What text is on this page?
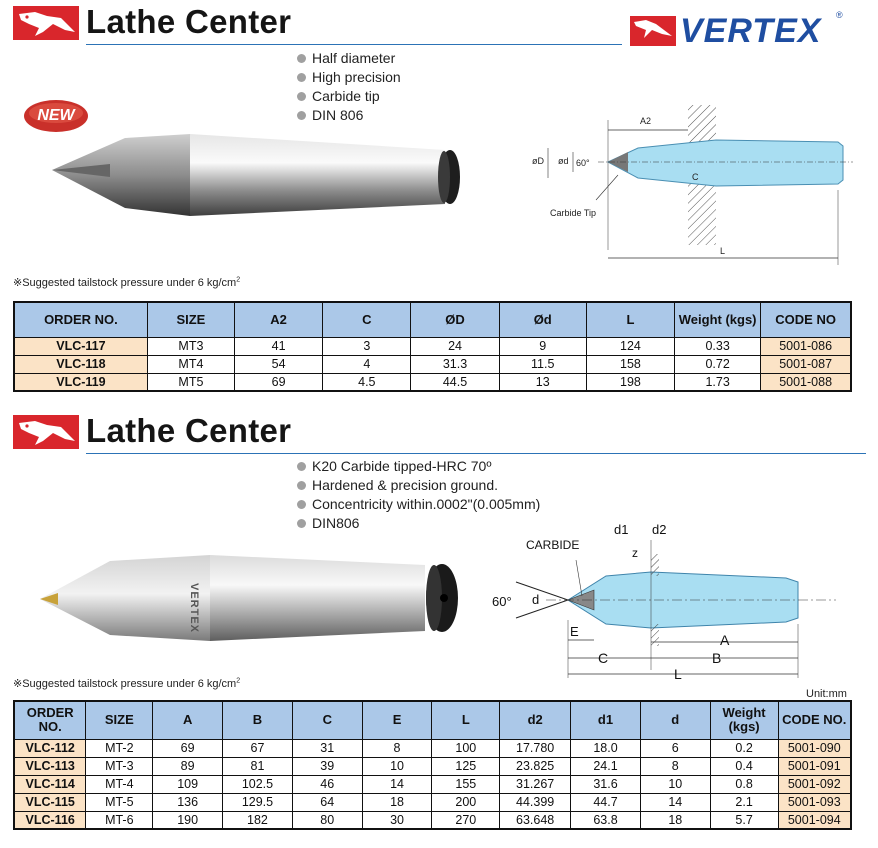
Lathe Center	VERTEX ®
NEW
Half diameter
High precision
Carbide tip
DIN 806	A2
øD ød 60°
C
Carbide Tip
L
※Suggested tailstock pressure under 6 $kg/cm^2$
ORDER NO.	SIZE	A2	C	ØD	Ød	L	Weight (kgs)	CODE NO
VLC-117	MT3	41	3	24	9	124	0.33	5001-086
VLC-118	MT4	54	4	31.3	11.5	158	0.72	5001-087
VLC-119	MT5	69	4.5	44.5	13	198	1.73	5001-088
Lathe Center
K20 Carbide tipped-HRC 70º
Hardened & precision ground.
Concentricity within.0002"(0.005mm)
DIN806
VERTEX
CARBIDE
d1 d2
z
60° d
E
A
C	B
L
※Suggested tailstock pressure under 6 $kg/cm^2$
Unit:mm
ORDER NO.	SIZE	A	B	C	E	L	d2	d1	d	Weight (kgs)	CODE NO.
VLC-112	MT-2	69	67	31	8	100	17.780	18.0	6	0.2	5001-090
VLC-113	MT-3	89	81	39	10	125	23.825	24.1	8	0.4	5001-091
VLC-114	MT-4	109	102.5	46	14	155	31.267	31.6	10	0.8	5001-092
VLC-115	MT-5	136	129.5	64	18	200	44.399	44.7	14	2.1	5001-093
VLC-116	MT-6	190	182	80	30	270	63.648	63.8	18	5.7	5001-094
